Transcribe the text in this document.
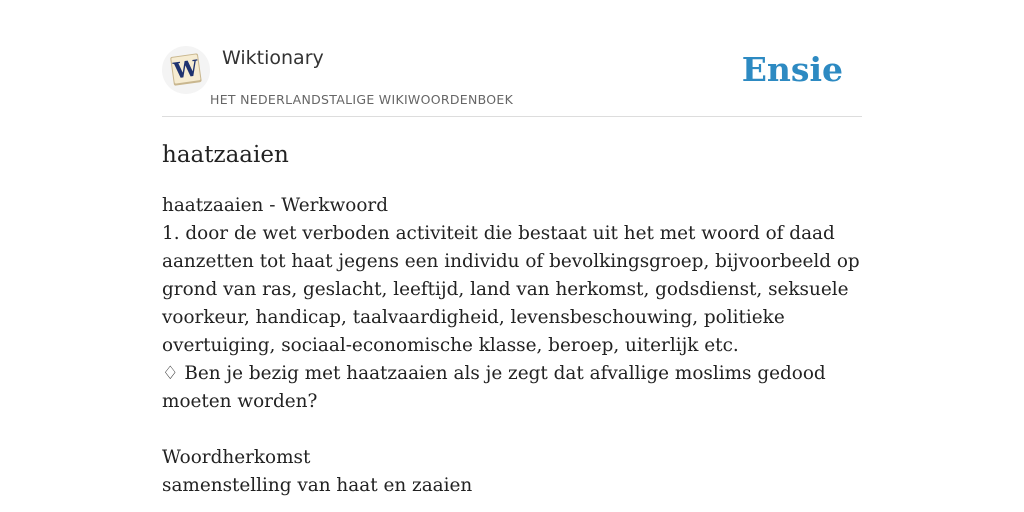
W Wiktionary
HET NEDERLANDSTALIGE WIKIWOORDENBOEK
Ensie
haatzaaien
haatzaaien - Werkwoord
1. door de wet verboden activiteit die bestaat uit het met woord of daad aanzetten tot haat jegens een individu of bevolkingsgroep, bijvoorbeeld op grond van ras, geslacht, leeftijd, land van herkomst, godsdienst, seksuele voorkeur, handicap, taalvaardigheid, levensbeschouwing, politieke overtuiging, sociaal-economische klasse, beroep, uiterlijk etc.
♢ Ben je bezig met haatzaaien als je zegt dat afvallige moslims gedood moeten worden?
Woordherkomst
samenstelling van haat en zaaien
